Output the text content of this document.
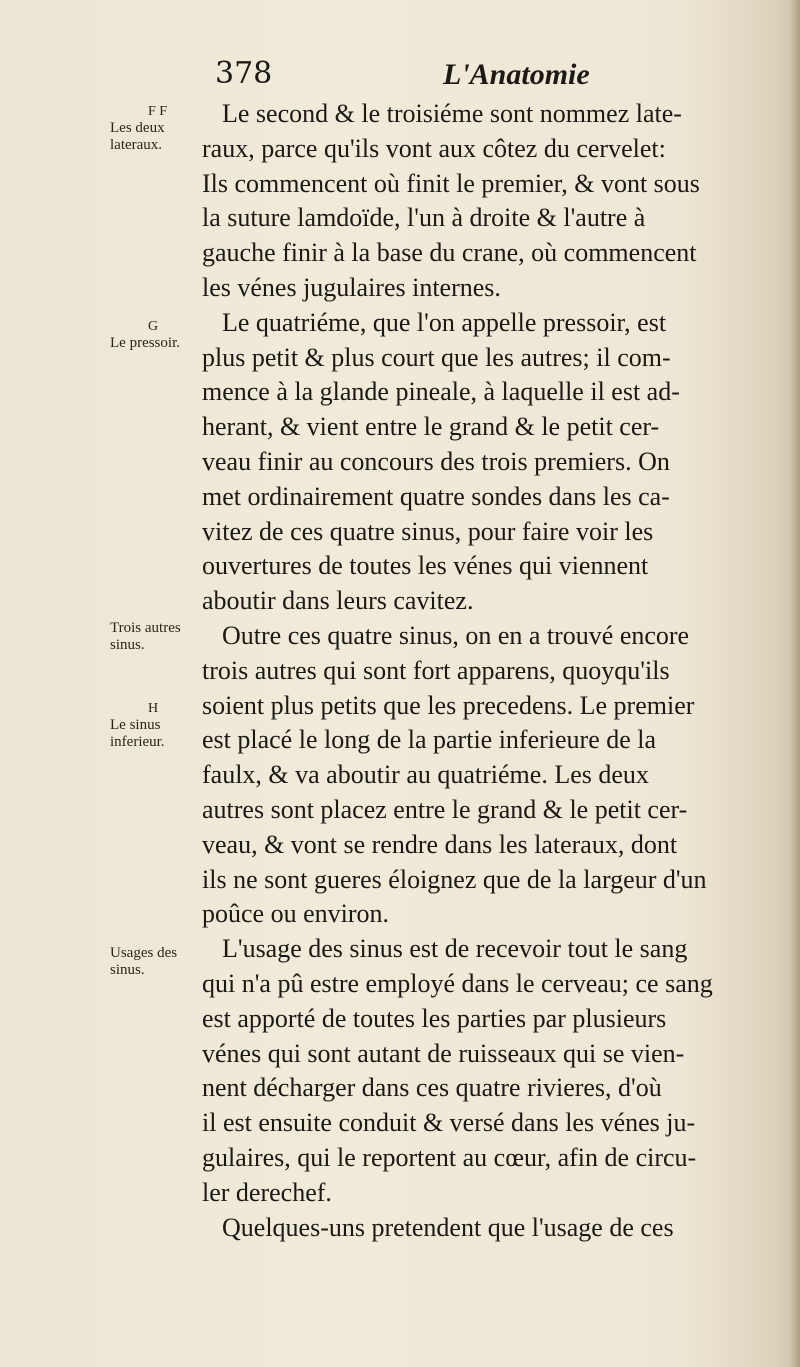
378	L'Anatomie
F F
Les deux lateraux.
G
Le pressoir.
Trois autres sinus.
H
Le sinus inferieur.
Usages des sinus.
Le second & le troisiéme sont nommez late-
raux, parce qu'ils vont aux côtez du cervelet:
Ils commencent où finit le premier, & vont sous
la suture lamdoïde, l'un à droite & l'autre à
gauche finir à la base du crane, où commencent
les vénes jugulaires internes.
Le quatriéme, que l'on appelle pressoir, est
plus petit & plus court que les autres; il com-
mence à la glande pineale, à laquelle il est ad-
herant, & vient entre le grand & le petit cer-
veau finir au concours des trois premiers. On
met ordinairement quatre sondes dans les ca-
vitez de ces quatre sinus, pour faire voir les
ouvertures de toutes les vénes qui viennent
aboutir dans leurs cavitez.
Outre ces quatre sinus, on en a trouvé encore
trois autres qui sont fort apparens, quoyqu'ils
soient plus petits que les precedens. Le premier
est placé le long de la partie inferieure de la
faulx, & va aboutir au quatriéme. Les deux
autres sont placez entre le grand & le petit cer-
veau, & vont se rendre dans les lateraux, dont
ils ne sont gueres éloignez que de la largeur d'un
poûce ou environ.
L'usage des sinus est de recevoir tout le sang
qui n'a pû estre employé dans le cerveau; ce sang
est apporté de toutes les parties par plusieurs
vénes qui sont autant de ruisseaux qui se vien-
nent décharger dans ces quatre rivieres, d'où
il est ensuite conduit & versé dans les vénes ju-
gulaires, qui le reportent au cœur, afin de circu-
ler derechef.
Quelques-uns pretendent que l'usage de ces
